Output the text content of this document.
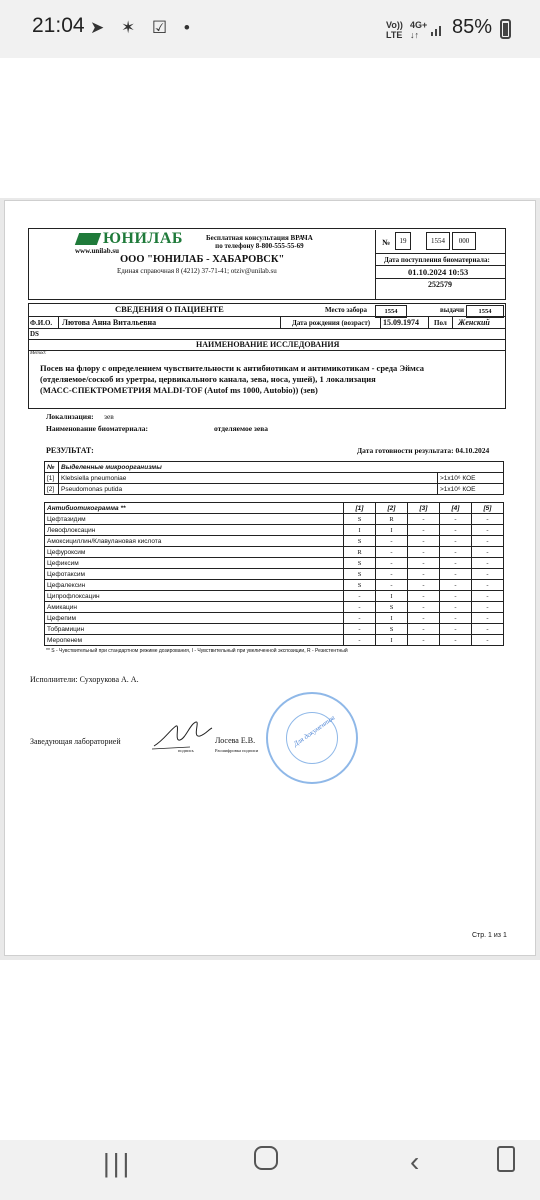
21:04 ➤ ✶ ☑ •	Vo))
LTE
4G+
↓↑	85%
ЮНИЛАБ
www.unilab.su
Бесплатная консультация ВРАЧА
по телефону 8-800-555-55-69
ООО "ЮНИЛАБ - ХАБАРОВСК"
Единая справочная 8 (4212) 37-71-41; otziv@unilab.su
№	19	1554	000
Дата поступления биоматериала:
01.10.2024 10:53
252579
СВЕДЕНИЯ О ПАЦИЕНТЕ	Место забора	1554	выдачи	1554
Ф.И.О. Лютова Анна Витальевна	Дата рождения (возраст) 15.09.1974 Пол Женский
DS
НАИМЕНОВАНИЕ ИССЛЕДОВАНИЯ
Метод:
Посев на флору с определением чувствительности к антибиотикам и антимикотикам - среда Эймса
(отделяемое/соскоб из уретры, цервикального канала, зева, носа, ушей), 1 локализация
(МАСС-СПЕКТРОМЕТРИЯ MALDI-TOF (Autof ms 1000, Autobio)) (зев)
Локализация: зев
Наименование биоматериала:	отделяемое зева
РЕЗУЛЬТАТ:	Дата готовности результата: 04.10.2024
№	Выделенные микроорганизмы	
[1]	Klebsiella pneumoniae	>1х10⁶ КОЕ
[2]	Pseudomonas putida	>1х10⁶ КОЕ
Антибиотикограмма **	[1]	[2]	[3]	[4]	[5]
Цефтазидим	S	R	-	-	-
Левофлоксацин	I	I	-	-	-
Амоксициллин/Клавулановая кислота	S	-	-	-	-
Цефуроксим	R	-	-	-	-
Цефиксим	S	-	-	-	-
Цефотаксим	S	-	-	-	-
Цефалексин	S	-	-	-	-
Ципрофлоксацин	-	I	-	-	-
Амикацин	-	S	-	-	-
Цефепим	-	I	-	-	-
Тобрамицин	-	S	-	-	-
Меропенем	-	I	-	-	-
** S - Чувствительный при стандартном режиме дозирования, I - Чувствительный при увеличенной экспозиции, R - Резистентный
Исполнители: Сухорукова А. А.
Заведующая лабораторией
подпись
Лосева Е.В.
Расшифровка подписи
Для документов
Стр. 1 из 1
|||	‹
